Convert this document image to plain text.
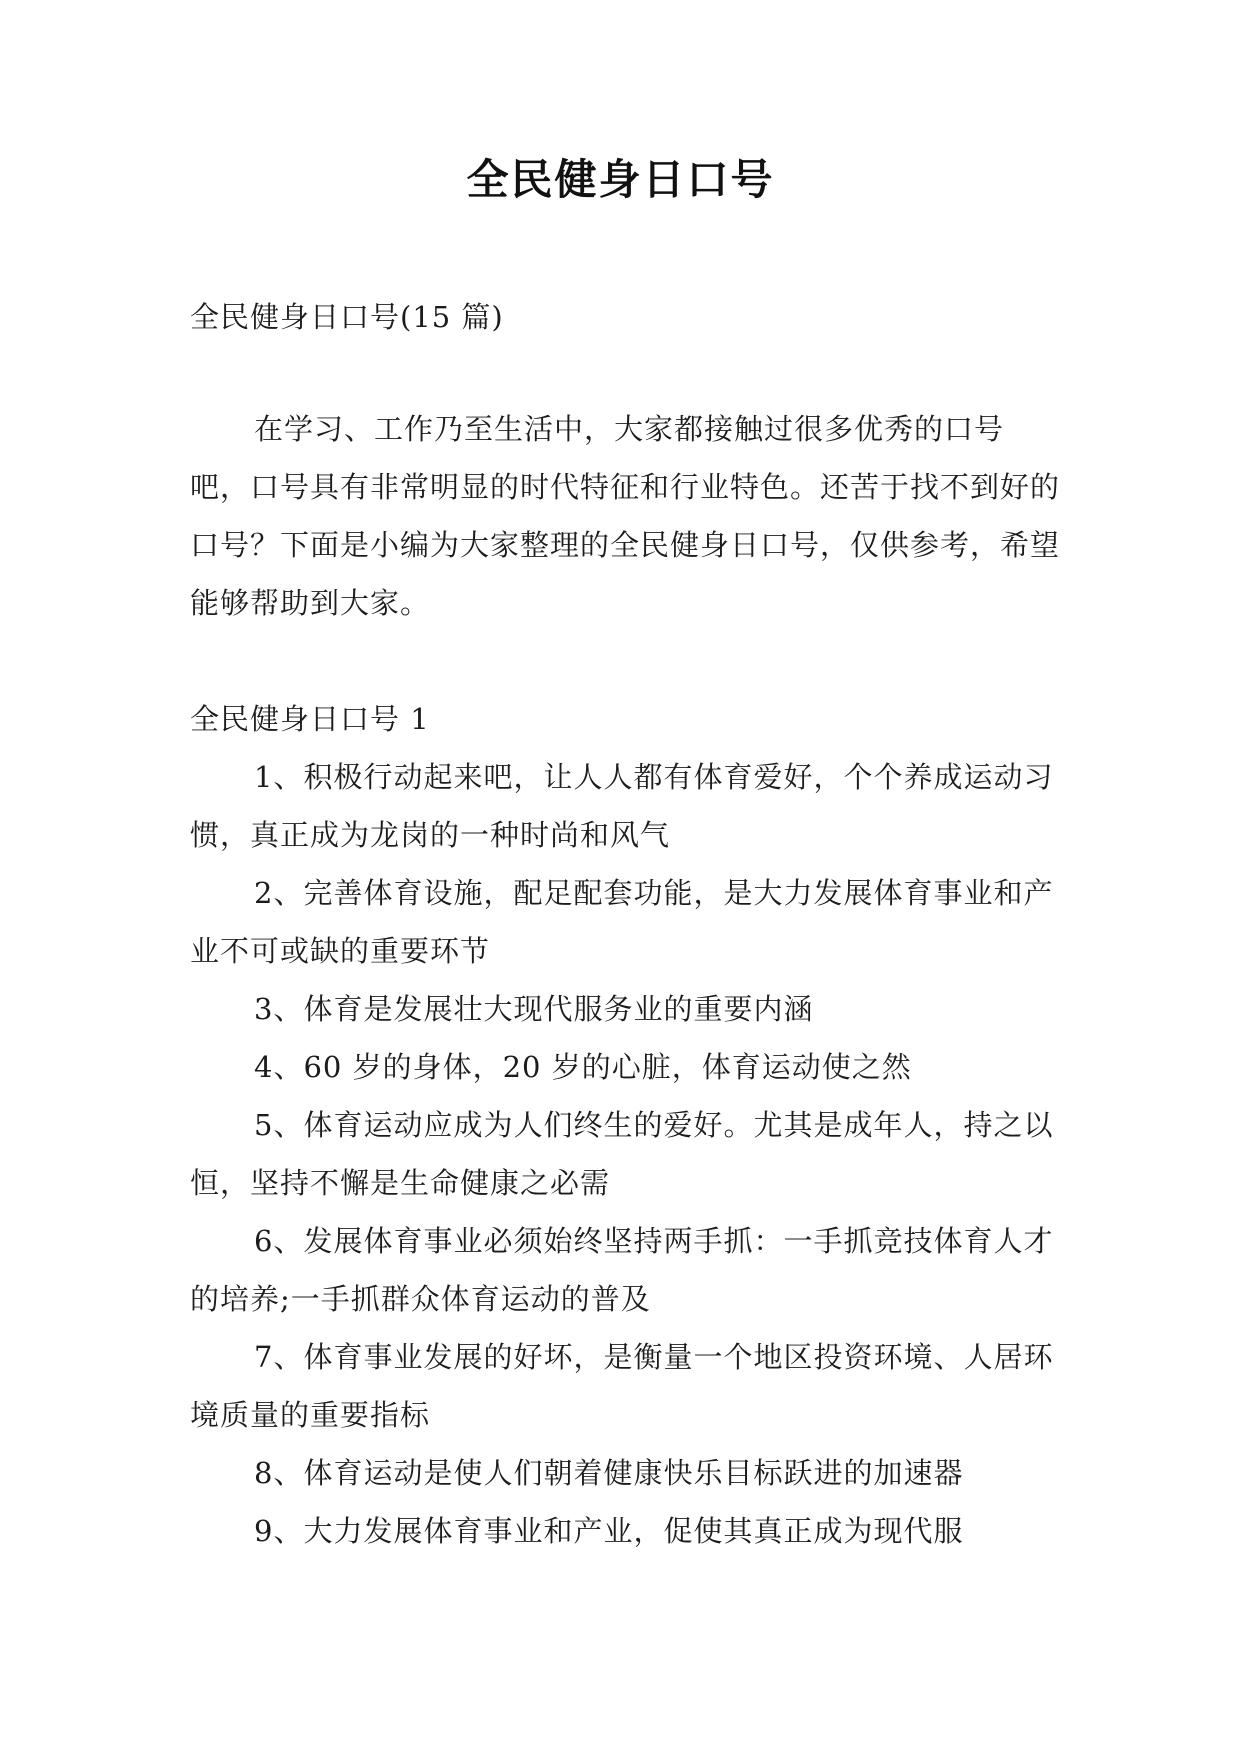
全民健身日口号

全民健身日口号(15 篇)

在学习、工作乃至生活中，大家都接触过很多优秀的口号吧，口号具有非常明显的时代特征和行业特色。还苦于找不到好的口号？下面是小编为大家整理的全民健身日口号，仅供参考，希望能够帮助到大家。

全民健身日口号 1

1、积极行动起来吧，让人人都有体育爱好，个个养成运动习惯，真正成为龙岗的一种时尚和风气

2、完善体育设施，配足配套功能，是大力发展体育事业和产业不可或缺的重要环节

3、体育是发展壮大现代服务业的重要内涵

4、60 岁的身体，20 岁的心脏，体育运动使之然

5、体育运动应成为人们终生的爱好。尤其是成年人，持之以恒，坚持不懈是生命健康之必需

6、发展体育事业必须始终坚持两手抓：一手抓竞技体育人才的培养;一手抓群众体育运动的普及

7、体育事业发展的好坏，是衡量一个地区投资环境、人居环境质量的重要指标

8、体育运动是使人们朝着健康快乐目标跃进的加速器

9、大力发展体育事业和产业，促使其真正成为现代服
